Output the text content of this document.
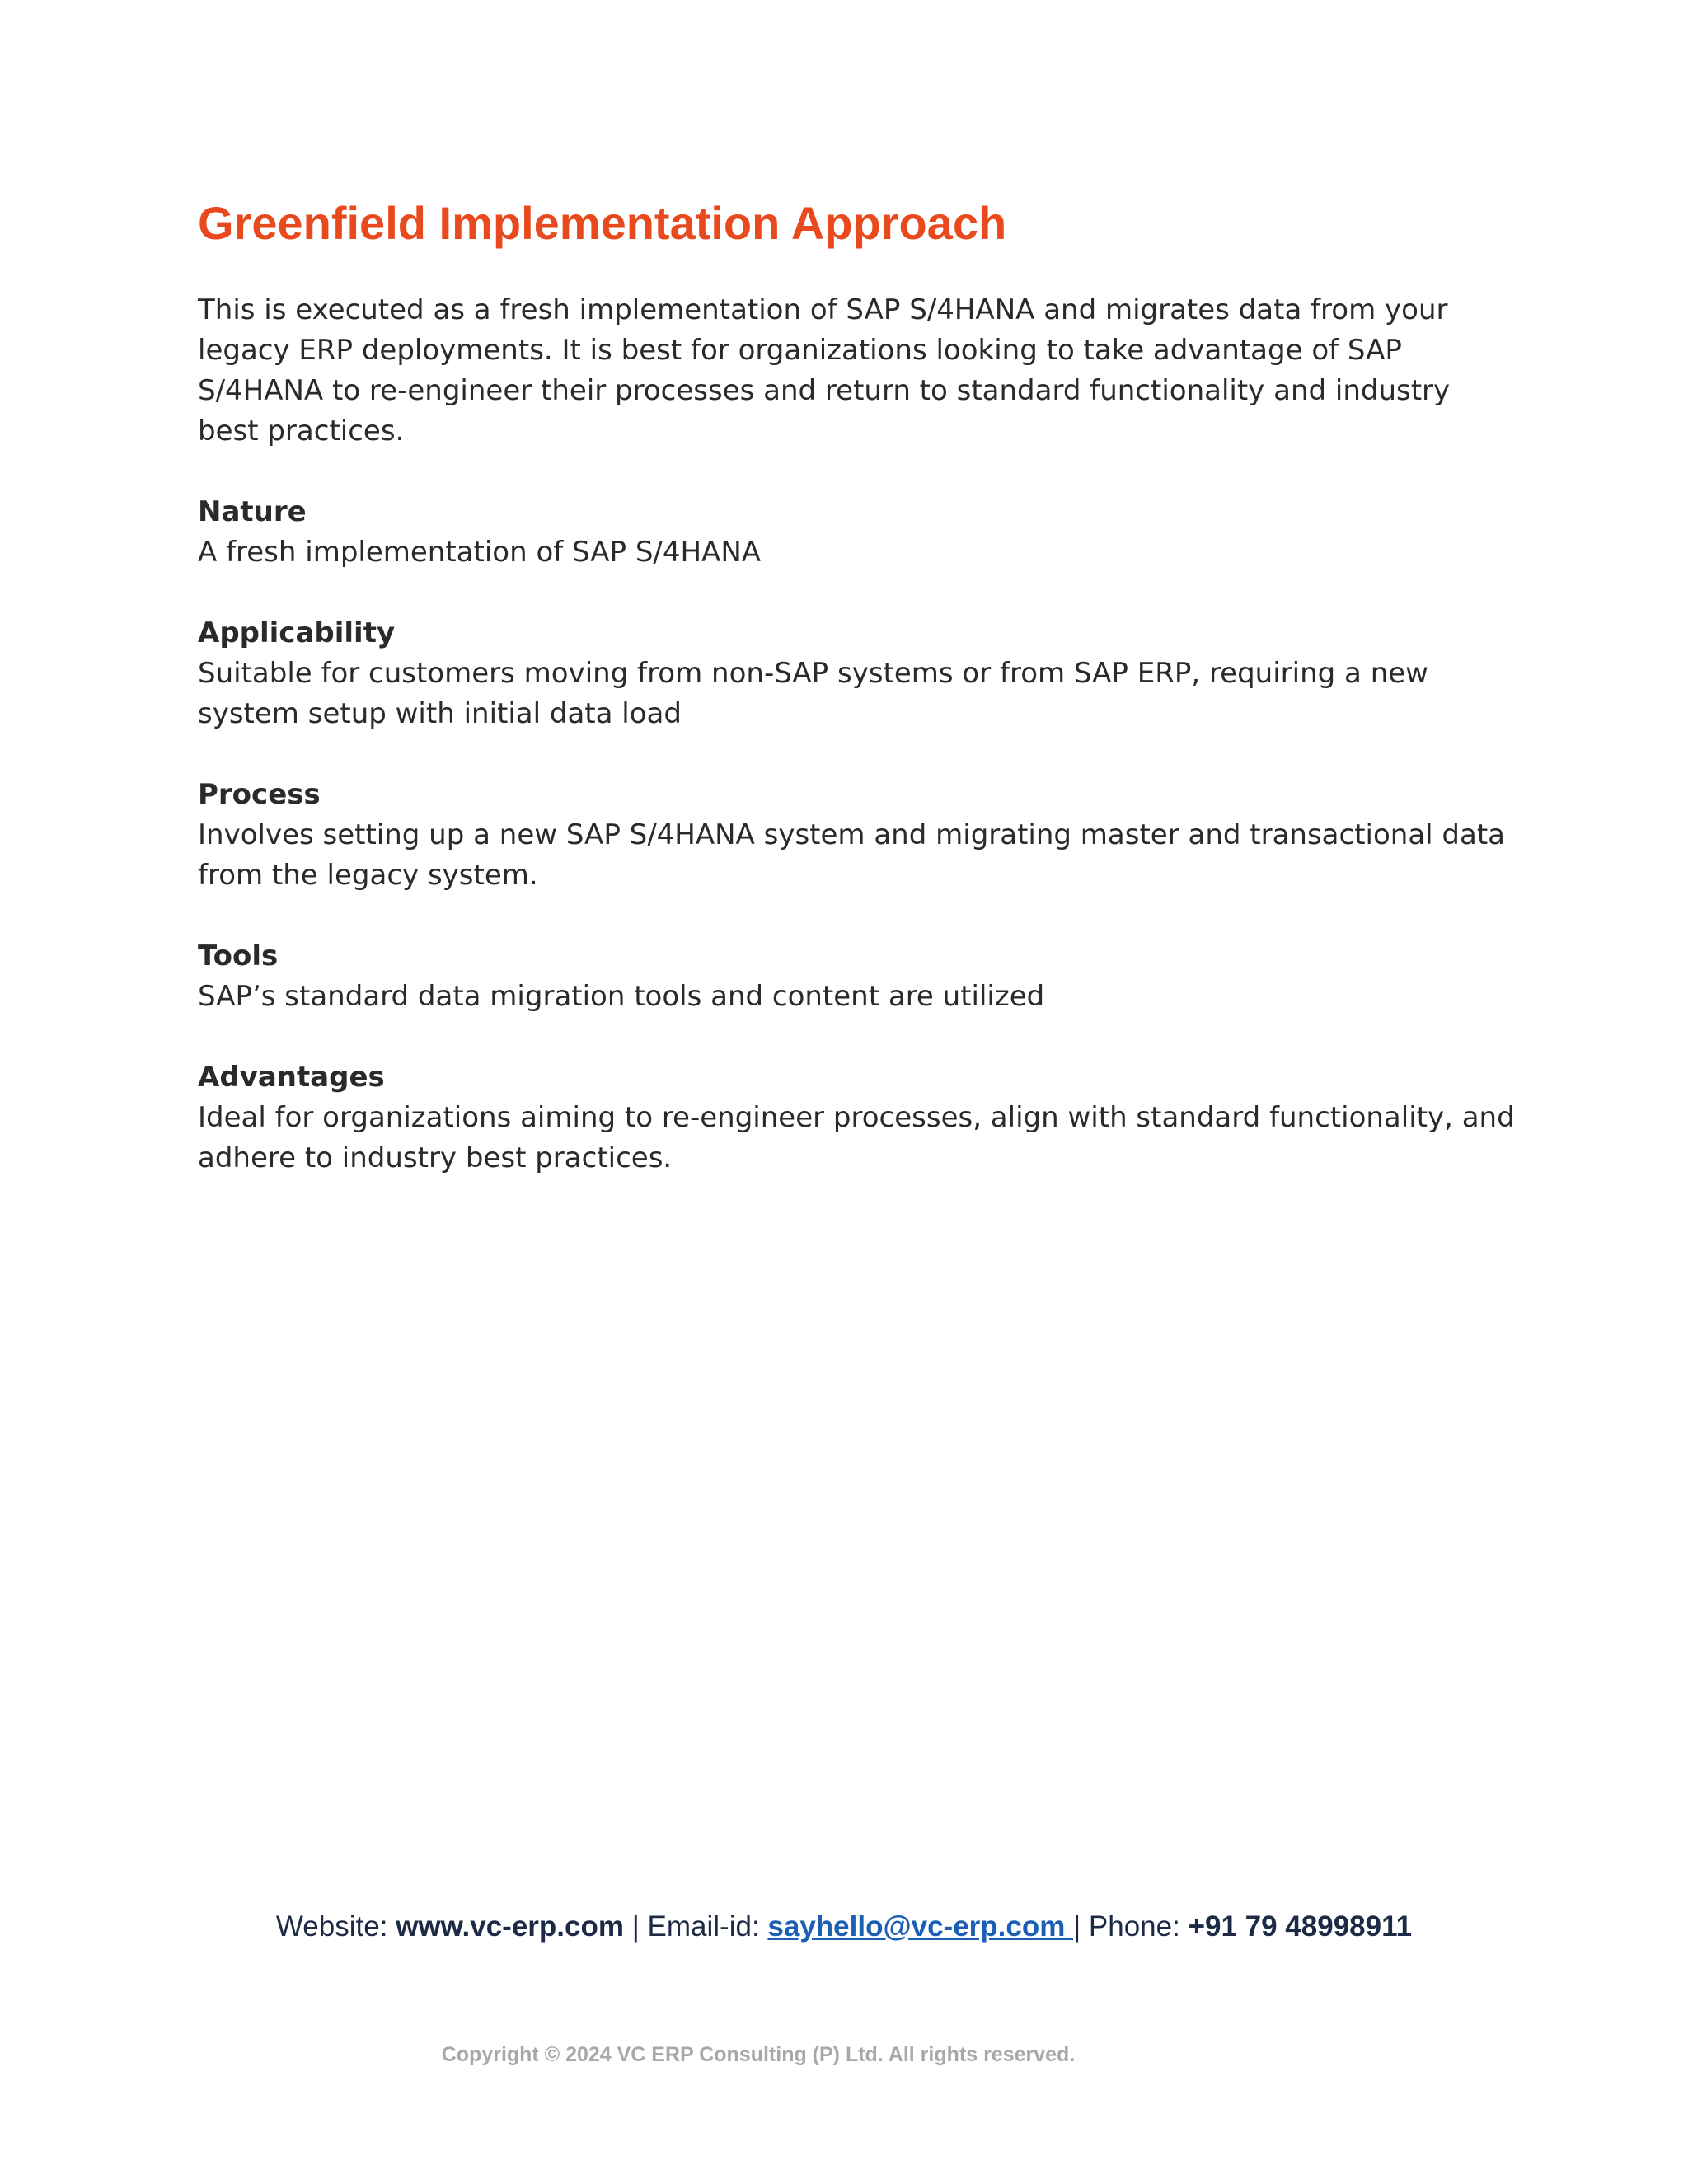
Greenfield Implementation Approach

This is executed as a fresh implementation of SAP S/4HANA and migrates data from your legacy ERP deployments. It is best for organizations looking to take advantage of SAP S/4HANA to re-engineer their processes and return to standard functionality and industry best practices.

Nature

A fresh implementation of SAP S/4HANA

Applicability

Suitable for customers moving from non-SAP systems or from SAP ERP, requiring a new system setup with initial data load

Process

Involves setting up a new SAP S/4HANA system and migrating master and transactional data from the legacy system.

Tools

SAP’s standard data migration tools and content are utilized

Advantages

Ideal for organizations aiming to re-engineer processes, align with standard functionality, and adhere to industry best practices.

Website: www.vc-erp.com | Email-id: sayhello@vc-erp.com | Phone: +91 79 48998911
Copyright © 2024 VC ERP Consulting (P) Ltd. All rights reserved.
